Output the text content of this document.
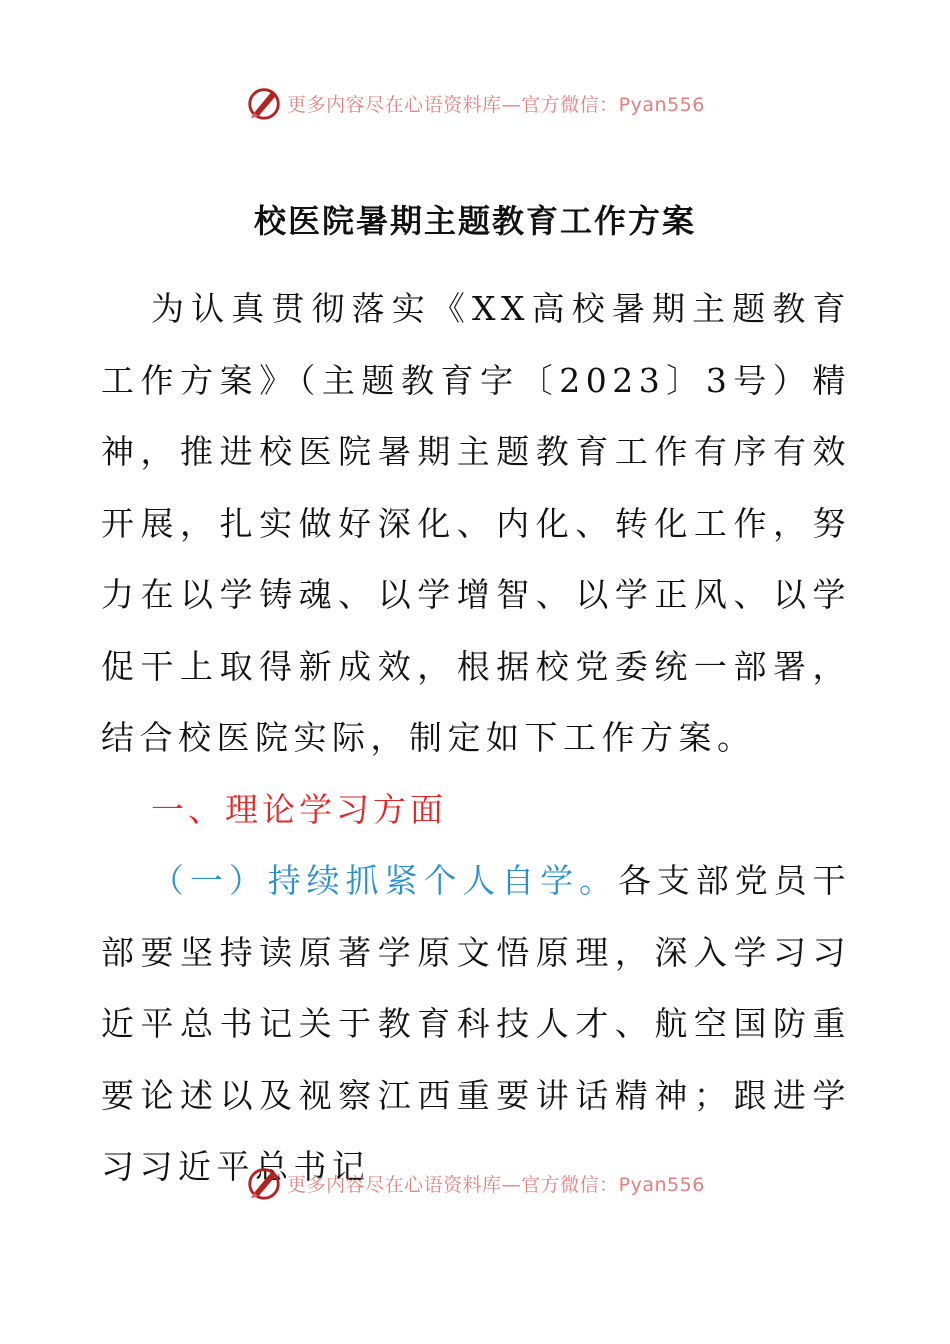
更多内容尽在心语资料库—官方微信：Pyan556
校医院暑期主题教育工作方案

为认真贯彻落实《XX高校暑期主题教育工作方案》（主题教育字〔2023〕3号）精神，推进校医院暑期主题教育工作有序有效开展，扎实做好深化、内化、转化工作，努力在以学铸魂、以学增智、以学正风、以学促干上取得新成效，根据校党委统一部署，结合校医院实际，制定如下工作方案。

一、理论学习方面

（一）持续抓紧个人自学。各支部党员干部要坚持读原著学原文悟原理，深入学习习近平总书记关于教育科技人才、航空国防重要论述以及视察江西重要讲话精神；跟进学习习近平总书记

更多内容尽在心语资料库—官方微信：Pyan556
